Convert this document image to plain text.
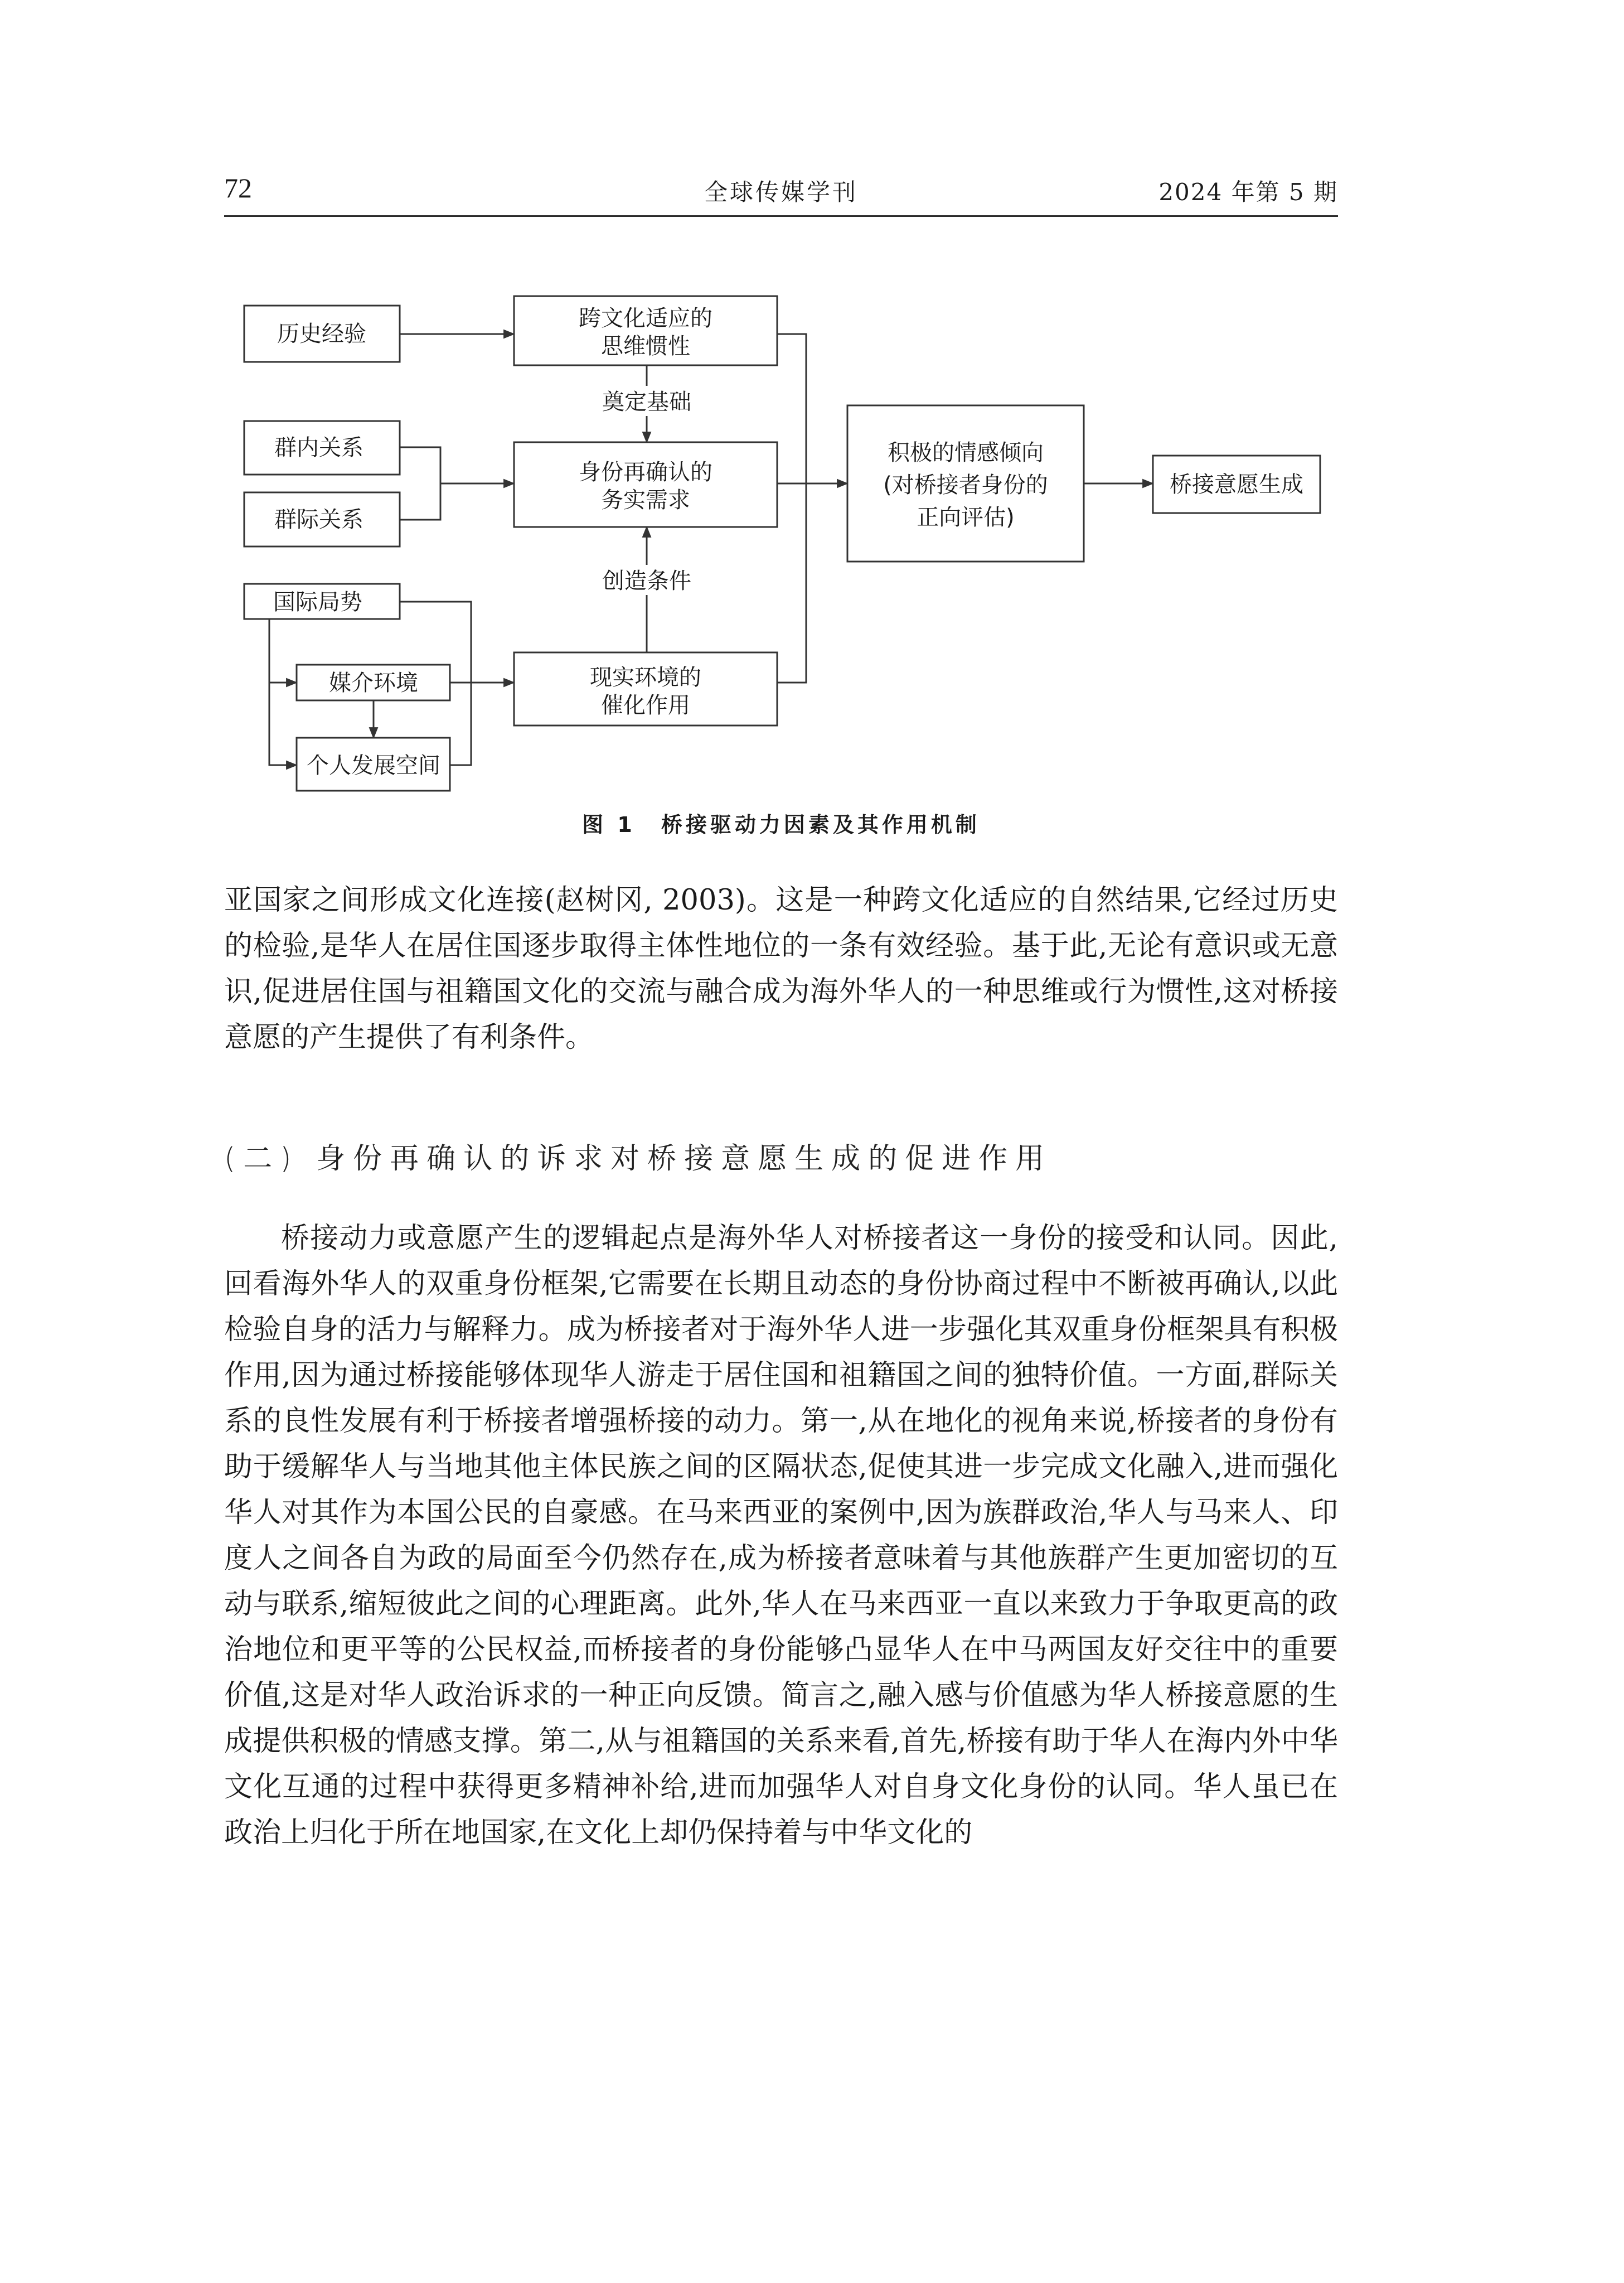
72	全球传媒学刊	2024 年第 5 期
奠定基础
创造条件
历史经验
群内关系
群际关系
国际局势
媒介环境
个人发展空间
跨文化适应的
思维惯性
身份再确认的
务实需求
现实环境的
催化作用
积极的情感倾向
(对桥接者身份的
正向评估)
桥接意愿生成
图 1 桥接驱动力因素及其作用机制

亚国家之间形成文化连接(赵树冈, 2003)。这是一种跨文化适应的自然结果,它经过历史的检验,是华人在居住国逐步取得主体性地位的一条有效经验。基于此,无论有意识或无意识,促进居住国与祖籍国文化的交流与融合成为海外华人的一种思维或行为惯性,这对桥接意愿的产生提供了有利条件。

(二) 身份再确认的诉求对桥接意愿生成的促进作用

桥接动力或意愿产生的逻辑起点是海外华人对桥接者这一身份的接受和认同。因此,回看海外华人的双重身份框架,它需要在长期且动态的身份协商过程中不断被再确认,以此检验自身的活力与解释力。成为桥接者对于海外华人进一步强化其双重身份框架具有积极作用,因为通过桥接能够体现华人游走于居住国和祖籍国之间的独特价值。一方面,群际关系的良性发展有利于桥接者增强桥接的动力。第一,从在地化的视角来说,桥接者的身份有助于缓解华人与当地其他主体民族之间的区隔状态,促使其进一步完成文化融入,进而强化华人对其作为本国公民的自豪感。在马来西亚的案例中,因为族群政治,华人与马来人、印度人之间各自为政的局面至今仍然存在,成为桥接者意味着与其他族群产生更加密切的互动与联系,缩短彼此之间的心理距离。此外,华人在马来西亚一直以来致力于争取更高的政治地位和更平等的公民权益,而桥接者的身份能够凸显华人在中马两国友好交往中的重要价值,这是对华人政治诉求的一种正向反馈。简言之,融入感与价值感为华人桥接意愿的生成提供积极的情感支撑。第二,从与祖籍国的关系来看,首先,桥接有助于华人在海内外中华文化互通的过程中获得更多精神补给,进而加强华人对自身文化身份的认同。华人虽已在政治上归化于所在地国家,在文化上却仍保持着与中华文化的
